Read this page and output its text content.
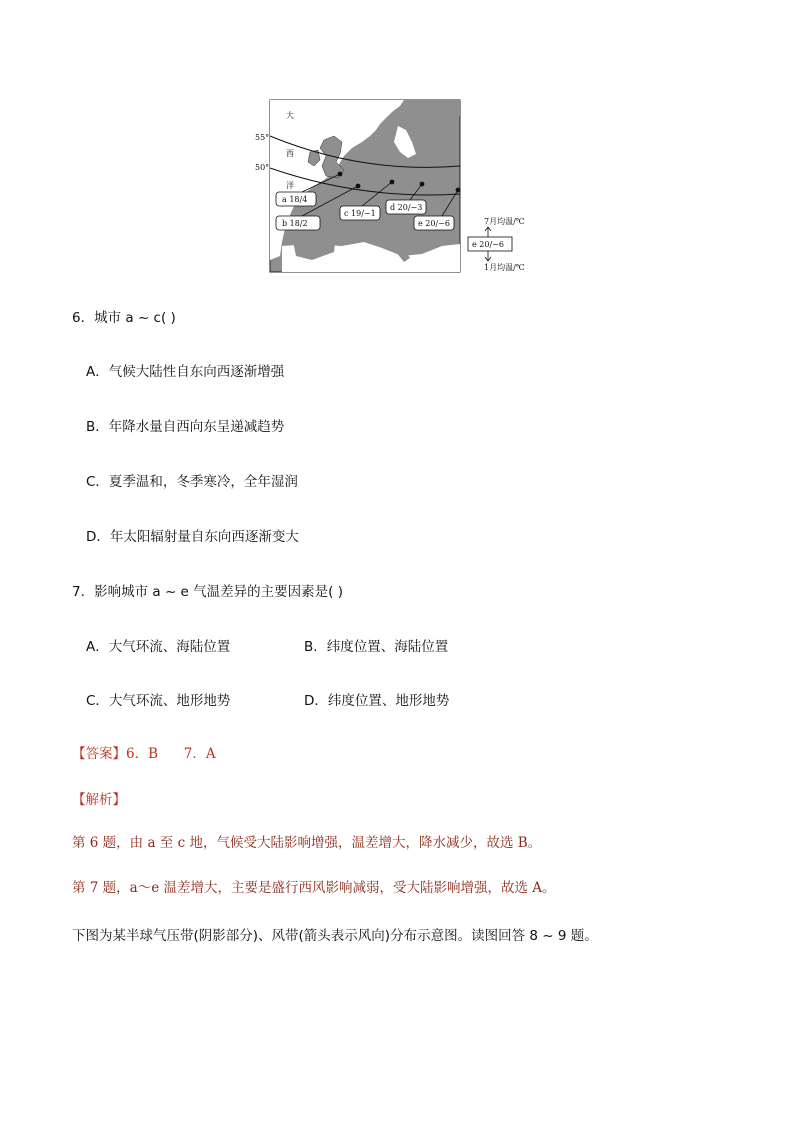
大
西
洋
55°
50°
a 18/4
b 18/2
c 19/−1
d 20/−3
e 20/−6	7月均温/℃
e 20/−6
1月均温/℃
6．城市 a ~ c( )
A．气候大陆性自东向西逐渐增强
B．年降水量自西向东呈递减趋势
C．夏季温和，冬季寒冷，全年湿润
D．年太阳辐射量自东向西逐渐变大
7．影响城市 a ~ e 气温差异的主要因素是( )
A．大气环流、海陆位置	B．纬度位置、海陆位置
C．大气环流、地形地势	D．纬度位置、地形地势
【答案】6．B      7．A
【解析】
第 6 题，由 a 至 c 地，气候受大陆影响增强，温差增大，降水减少，故选 B。
第 7 题，a～e 温差增大，主要是盛行西风影响减弱，受大陆影响增强，故选 A。
下图为某半球气压带(阴影部分)、风带(箭头表示风向)分布示意图。读图回答 8 ~ 9 题。
